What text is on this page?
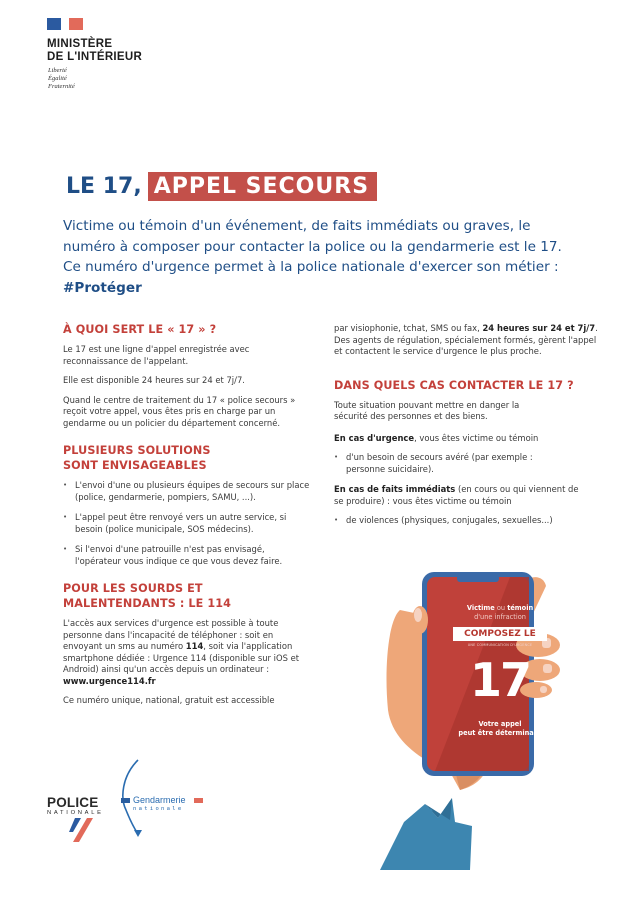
MINISTÈRE
DE L'INTÉRIEUR
Liberté
Égalité
Fraternité
LE 17, APPEL SECOURS
Victime ou témoin d'un événement, de faits immédiats ou graves, le numéro à composer pour contacter la police ou la gendarmerie est le 17. Ce numéro d'urgence permet à la police nationale d'exercer son métier : #Protéger
À QUOI SERT LE « 17 » ?

Le 17 est une ligne d'appel enregistrée avec reconnaissance de l'appelant.

Elle est disponible 24 heures sur 24 et 7j/7.

Quand le centre de traitement du 17 « police secours » reçoit votre appel, vous êtes pris en charge par un gendarme ou un policier du département concerné.

PLUSIEURS SOLUTIONS SONT ENVISAGEABLES
• L'envoi d'une ou plusieurs équipes de secours sur place (police, gendarmerie, pompiers, SAMU, ...).
• L'appel peut être renvoyé vers un autre service, si besoin (police municipale, SOS médecins).
• Si l'envoi d'une patrouille n'est pas envisagé, l'opérateur vous indique ce que vous devez faire.
POUR LES SOURDS ET MALENTENDANTS : LE 114

L'accès aux services d'urgence est possible à toute personne dans l'incapacité de téléphoner : soit en envoyant un sms au numéro 114, soit via l'application smartphone dédiée : Urgence 114 (disponible sur iOS et Android) ainsi qu'un accès depuis un ordinateur : www.urgence114.fr

Ce numéro unique, national, gratuit est accessible

par visiophonie, tchat, SMS ou fax, 24 heures sur 24 et 7j/7. Des agents de régulation, spécialement formés, gèrent l'appel et contactent le service d'urgence le plus proche.

DANS QUELS CAS CONTACTER LE 17 ?

Toute situation pouvant mettre en danger la sécurité des personnes et des biens.

En cas d'urgence, vous êtes victime ou témoin

• d'un besoin de secours avéré (par exemple : personne suicidaire).

En cas de faits immédiats (en cours ou qui viennent de se produire) : vous êtes victime ou témoin

• de violences (physiques, conjugales, sexuelles...)
Victime ou témoin
d'une infraction
COMPOSEZ LE
UNE COMMUNICATION D'URGENCE
17
Votre appel
peut être déterminant
POLICE
NATIONALE
Gendarmerie
nationale
